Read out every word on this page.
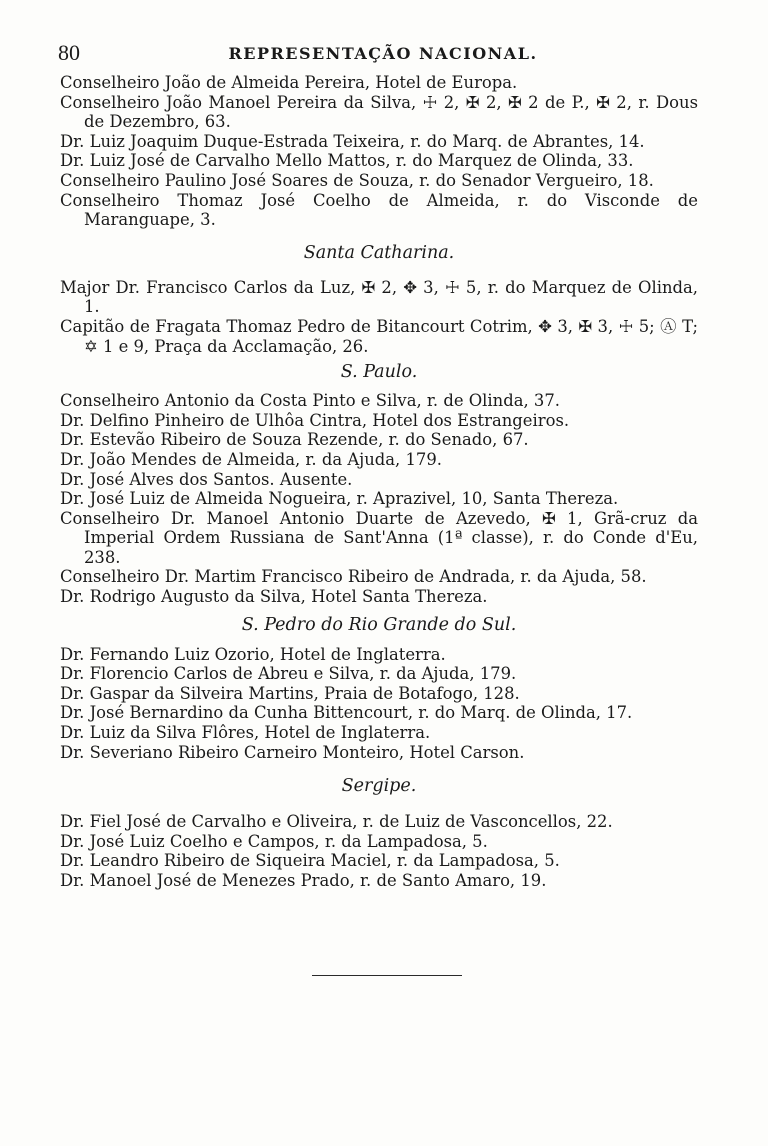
80	REPRESENTAÇÃO NACIONAL.

Conselheiro João de Almeida Pereira, Hotel de Europa.

Conselheiro João Manoel Pereira da Silva, ☩ 2, ✠ 2, ✠ 2 de P., ✠ 2, r. Dous de Dezembro, 63.

Dr. Luiz Joaquim Duque-Estrada Teixeira, r. do Marq. de Abrantes, 14.

Dr. Luiz José de Carvalho Mello Mattos, r. do Marquez de Olinda, 33.

Conselheiro Paulino José Soares de Souza, r. do Senador Vergueiro, 18.

Conselheiro Thomaz José Coelho de Almeida, r. do Visconde de Maranguape, 3.

Santa Catharina.

Major Dr. Francisco Carlos da Luz, ✠ 2, ✥ 3, ☩ 5, r. do Marquez de Olinda, 1.

Capitão de Fragata Thomaz Pedro de Bitancourt Cotrim, ✥ 3, ✠ 3, ☩ 5; Ⓐ T; ✡ 1 e 9, Praça da Acclamação, 26.

S. Paulo.

Conselheiro Antonio da Costa Pinto e Silva, r. de Olinda, 37.

Dr. Delfino Pinheiro de Ulhôa Cintra, Hotel dos Estrangeiros.

Dr. Estevão Ribeiro de Souza Rezende, r. do Senado, 67.

Dr. João Mendes de Almeida, r. da Ajuda, 179.

Dr. José Alves dos Santos. Ausente.

Dr. José Luiz de Almeida Nogueira, r. Aprazivel, 10, Santa Thereza.

Conselheiro Dr. Manoel Antonio Duarte de Azevedo, ✠ 1, Grã-cruz da Imperial Ordem Russiana de Sant'Anna (1ª classe), r. do Conde d'Eu, 238.

Conselheiro Dr. Martim Francisco Ribeiro de Andrada, r. da Ajuda, 58.

Dr. Rodrigo Augusto da Silva, Hotel Santa Thereza.

S. Pedro do Rio Grande do Sul.

Dr. Fernando Luiz Ozorio, Hotel de Inglaterra.

Dr. Florencio Carlos de Abreu e Silva, r. da Ajuda, 179.

Dr. Gaspar da Silveira Martins, Praia de Botafogo, 128.

Dr. José Bernardino da Cunha Bittencourt, r. do Marq. de Olinda, 17.

Dr. Luiz da Silva Flôres, Hotel de Inglaterra.

Dr. Severiano Ribeiro Carneiro Monteiro, Hotel Carson.

Sergipe.

Dr. Fiel José de Carvalho e Oliveira, r. de Luiz de Vasconcellos, 22.

Dr. José Luiz Coelho e Campos, r. da Lampadosa, 5.

Dr. Leandro Ribeiro de Siqueira Maciel, r. da Lampadosa, 5.

Dr. Manoel José de Menezes Prado, r. de Santo Amaro, 19.
